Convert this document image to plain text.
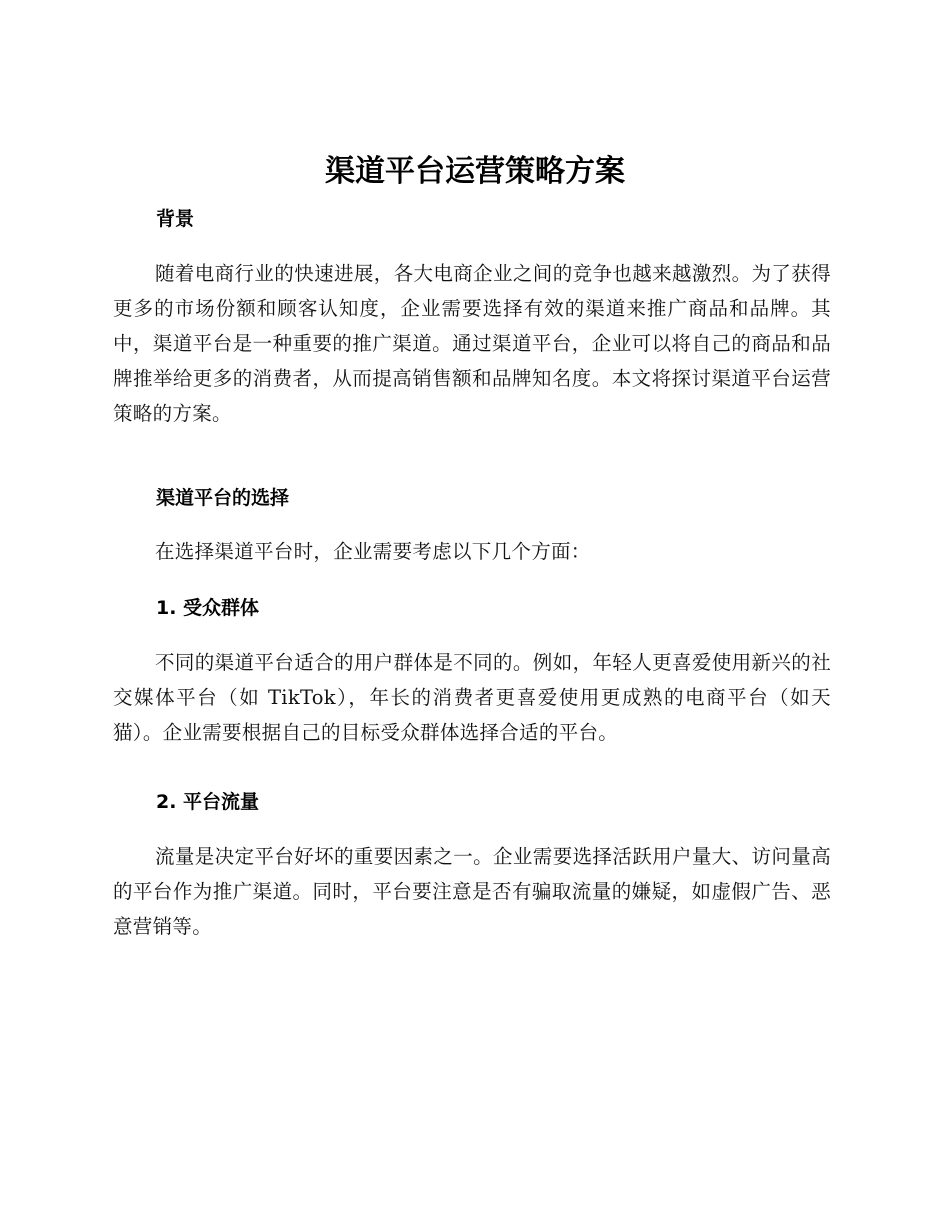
渠道平台运营策略方案
背景

随着电商行业的快速进展，各大电商企业之间的竞争也越来越激烈。为了获得更多的市场份额和顾客认知度，企业需要选择有效的渠道来推广商品和品牌。其中，渠道平台是一种重要的推广渠道。通过渠道平台，企业可以将自己的商品和品牌推举给更多的消费者，从而提高销售额和品牌知名度。本文将探讨渠道平台运营策略的方案。

渠道平台的选择

在选择渠道平台时，企业需要考虑以下几个方面：

1. 受众群体

不同的渠道平台适合的用户群体是不同的。例如，年轻人更喜爱使用新兴的社交媒体平台（如 TikTok），年长的消费者更喜爱使用更成熟的电商平台（如天猫）。企业需要根据自己的目标受众群体选择合适的平台。

2. 平台流量

流量是决定平台好坏的重要因素之一。企业需要选择活跃用户量大、访问量高的平台作为推广渠道。同时，平台要注意是否有骗取流量的嫌疑，如虚假广告、恶意营销等。
